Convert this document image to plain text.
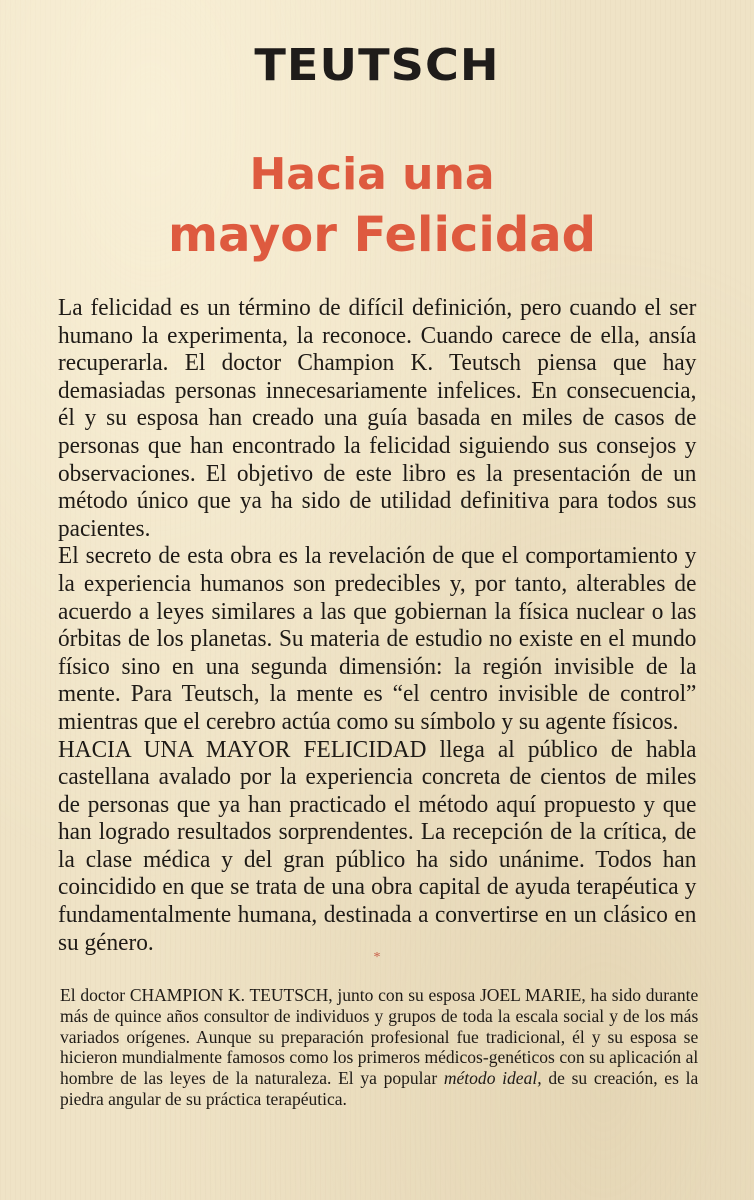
TEUTSCH
Hacia una
mayor Felicidad

La felicidad es un término de difícil definición, pero cuando el ser humano la experimenta, la reconoce. Cuando carece de ella, ansía recuperarla. El doctor Champion K. Teutsch piensa que hay demasiadas personas innecesariamente infelices. En consecuencia, él y su esposa han creado una guía basada en miles de casos de personas que han encontrado la felicidad siguiendo sus consejos y observaciones. El objetivo de este libro es la presentación de un método único que ya ha sido de utilidad definitiva para todos sus pacientes.

El secreto de esta obra es la revelación de que el comportamiento y la experiencia humanos son predecibles y, por tanto, alterables de acuerdo a leyes similares a las que gobiernan la física nuclear o las órbitas de los planetas. Su materia de estudio no existe en el mundo físico sino en una segunda dimensión: la región invisible de la mente. Para Teutsch, la mente es “el centro invisible de control” mientras que el cerebro actúa como su símbolo y su agente físicos.

HACIA UNA MAYOR FELICIDAD llega al público de habla castellana avalado por la experiencia concreta de cientos de miles de personas que ya han practicado el método aquí propuesto y que han logrado resultados sorprendentes. La recepción de la crítica, de la clase médica y del gran público ha sido unánime. Todos han coincidido en que se trata de una obra capital de ayuda terapéutica y fundamentalmente humana, destinada a convertirse en un clásico en su género.

*

El doctor CHAMPION K. TEUTSCH, junto con su esposa JOEL MARIE, ha sido durante más de quince años consultor de individuos y grupos de toda la escala social y de los más variados orígenes. Aunque su preparación profesional fue tradicional, él y su esposa se hicieron mundialmente famosos como los primeros médicos-genéticos con su aplicación al hombre de las leyes de la naturaleza. El ya popular método ideal, de su creación, es la piedra angular de su práctica terapéutica.
